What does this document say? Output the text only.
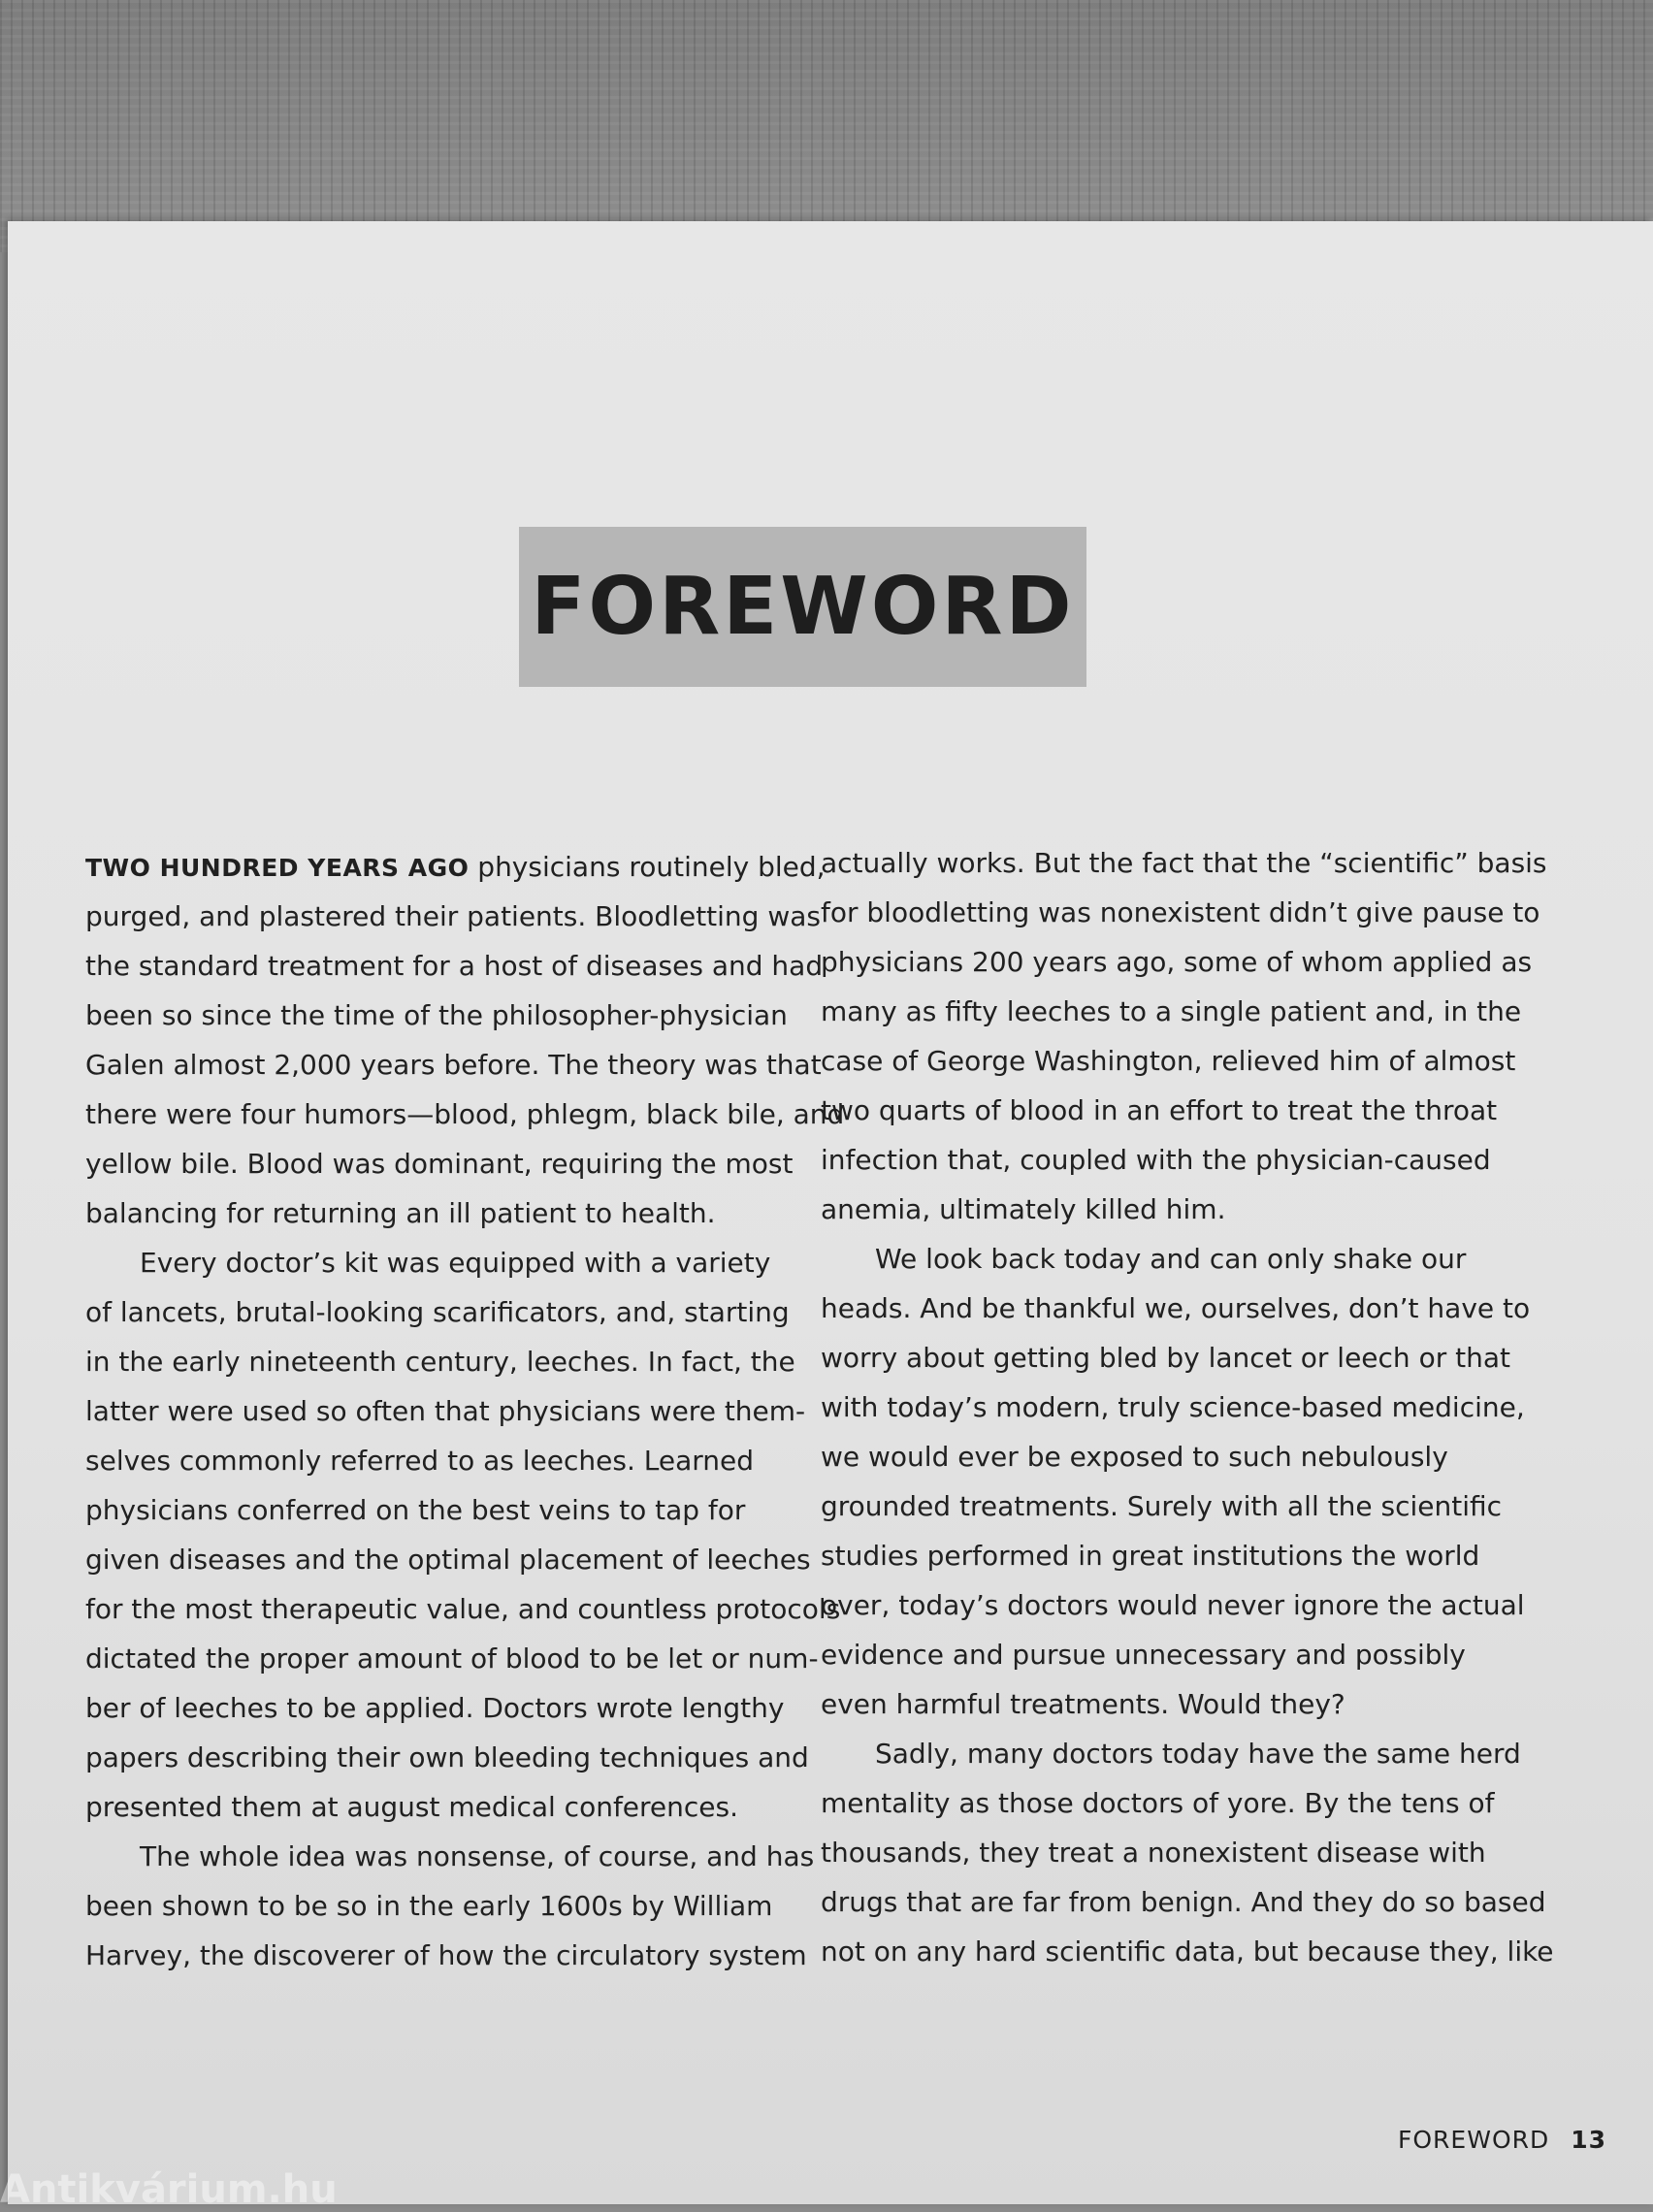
FOREWORD
TWO HUNDRED YEARS AGO physicians routinely bled,
purged, and plastered their patients. Bloodletting was
the standard treatment for a host of diseases and had
been so since the time of the philosopher-physician
Galen almost 2,000 years before. The theory was that
there were four humors—blood, phlegm, black bile, and
yellow bile. Blood was dominant, requiring the most
balancing for returning an ill patient to health.
Every doctor’s kit was equipped with a variety
of lancets, brutal-looking scarificators, and, starting
in the early nineteenth century, leeches. In fact, the
latter were used so often that physicians were them-
selves commonly referred to as leeches. Learned
physicians conferred on the best veins to tap for
given diseases and the optimal placement of leeches
for the most therapeutic value, and countless protocols
dictated the proper amount of blood to be let or num-
ber of leeches to be applied. Doctors wrote lengthy
papers describing their own bleeding techniques and
presented them at august medical conferences.
The whole idea was nonsense, of course, and has
been shown to be so in the early 1600s by William
Harvey, the discoverer of how the circulatory system
actually works. But the fact that the “scientific” basis
for bloodletting was nonexistent didn’t give pause to
physicians 200 years ago, some of whom applied as
many as fifty leeches to a single patient and, in the
case of George Washington, relieved him of almost
two quarts of blood in an effort to treat the throat
infection that, coupled with the physician-caused
anemia, ultimately killed him.
We look back today and can only shake our
heads. And be thankful we, ourselves, don’t have to
worry about getting bled by lancet or leech or that
with today’s modern, truly science-based medicine,
we would ever be exposed to such nebulously
grounded treatments. Surely with all the scientific
studies performed in great institutions the world
over, today’s doctors would never ignore the actual
evidence and pursue unnecessary and possibly
even harmful treatments. Would they?
Sadly, many doctors today have the same herd
mentality as those doctors of yore. By the tens of
thousands, they treat a nonexistent disease with
drugs that are far from benign. And they do so based
not on any hard scientific data, but because they, like
FOREWORD 13
Antikvárium.hu
